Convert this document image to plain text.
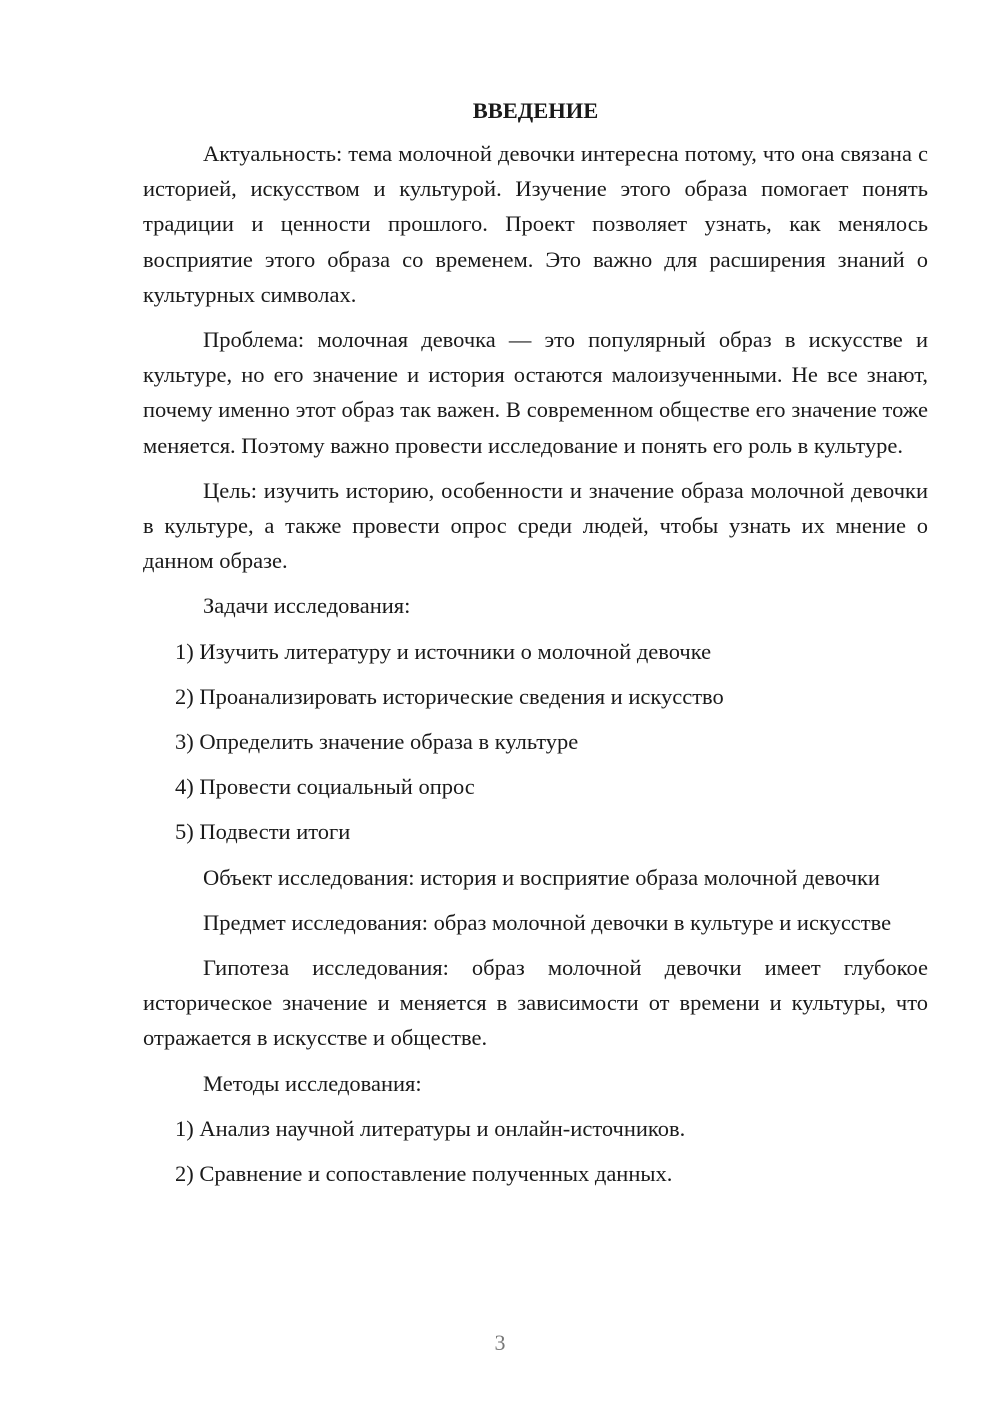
ВВЕДЕНИЕ

Актуальность: тема молочной девочки интересна потому, что она связана с историей, искусством и культурой. Изучение этого образа помогает понять традиции и ценности прошлого. Проект позволяет узнать, как менялось восприятие этого образа со временем. Это важно для расширения знаний о культурных символах.

Проблема: молочная девочка — это популярный образ в искусстве и культуре, но его значение и история остаются малоизученными. Не все знают, почему именно этот образ так важен. В современном обществе его значение тоже меняется. Поэтому важно провести исследование и понять его роль в культуре.

Цель: изучить историю, особенности и значение образа молочной девочки в культуре, а также провести опрос среди людей, чтобы узнать их мнение о данном образе.

Задачи исследования:

1) Изучить литературу и источники о молочной девочке

2) Проанализировать исторические сведения и искусство

3) Определить значение образа в культуре

4) Провести социальный опрос

5) Подвести итоги

Объект исследования: история и восприятие образа молочной девочки

Предмет исследования: образ молочной девочки в культуре и искусстве

Гипотеза исследования: образ молочной девочки имеет глубокое историческое значение и меняется в зависимости от времени и культуры, что отражается в искусстве и обществе.

Методы исследования:

1) Анализ научной литературы и онлайн-источников.

2) Сравнение и сопоставление полученных данных.

3
